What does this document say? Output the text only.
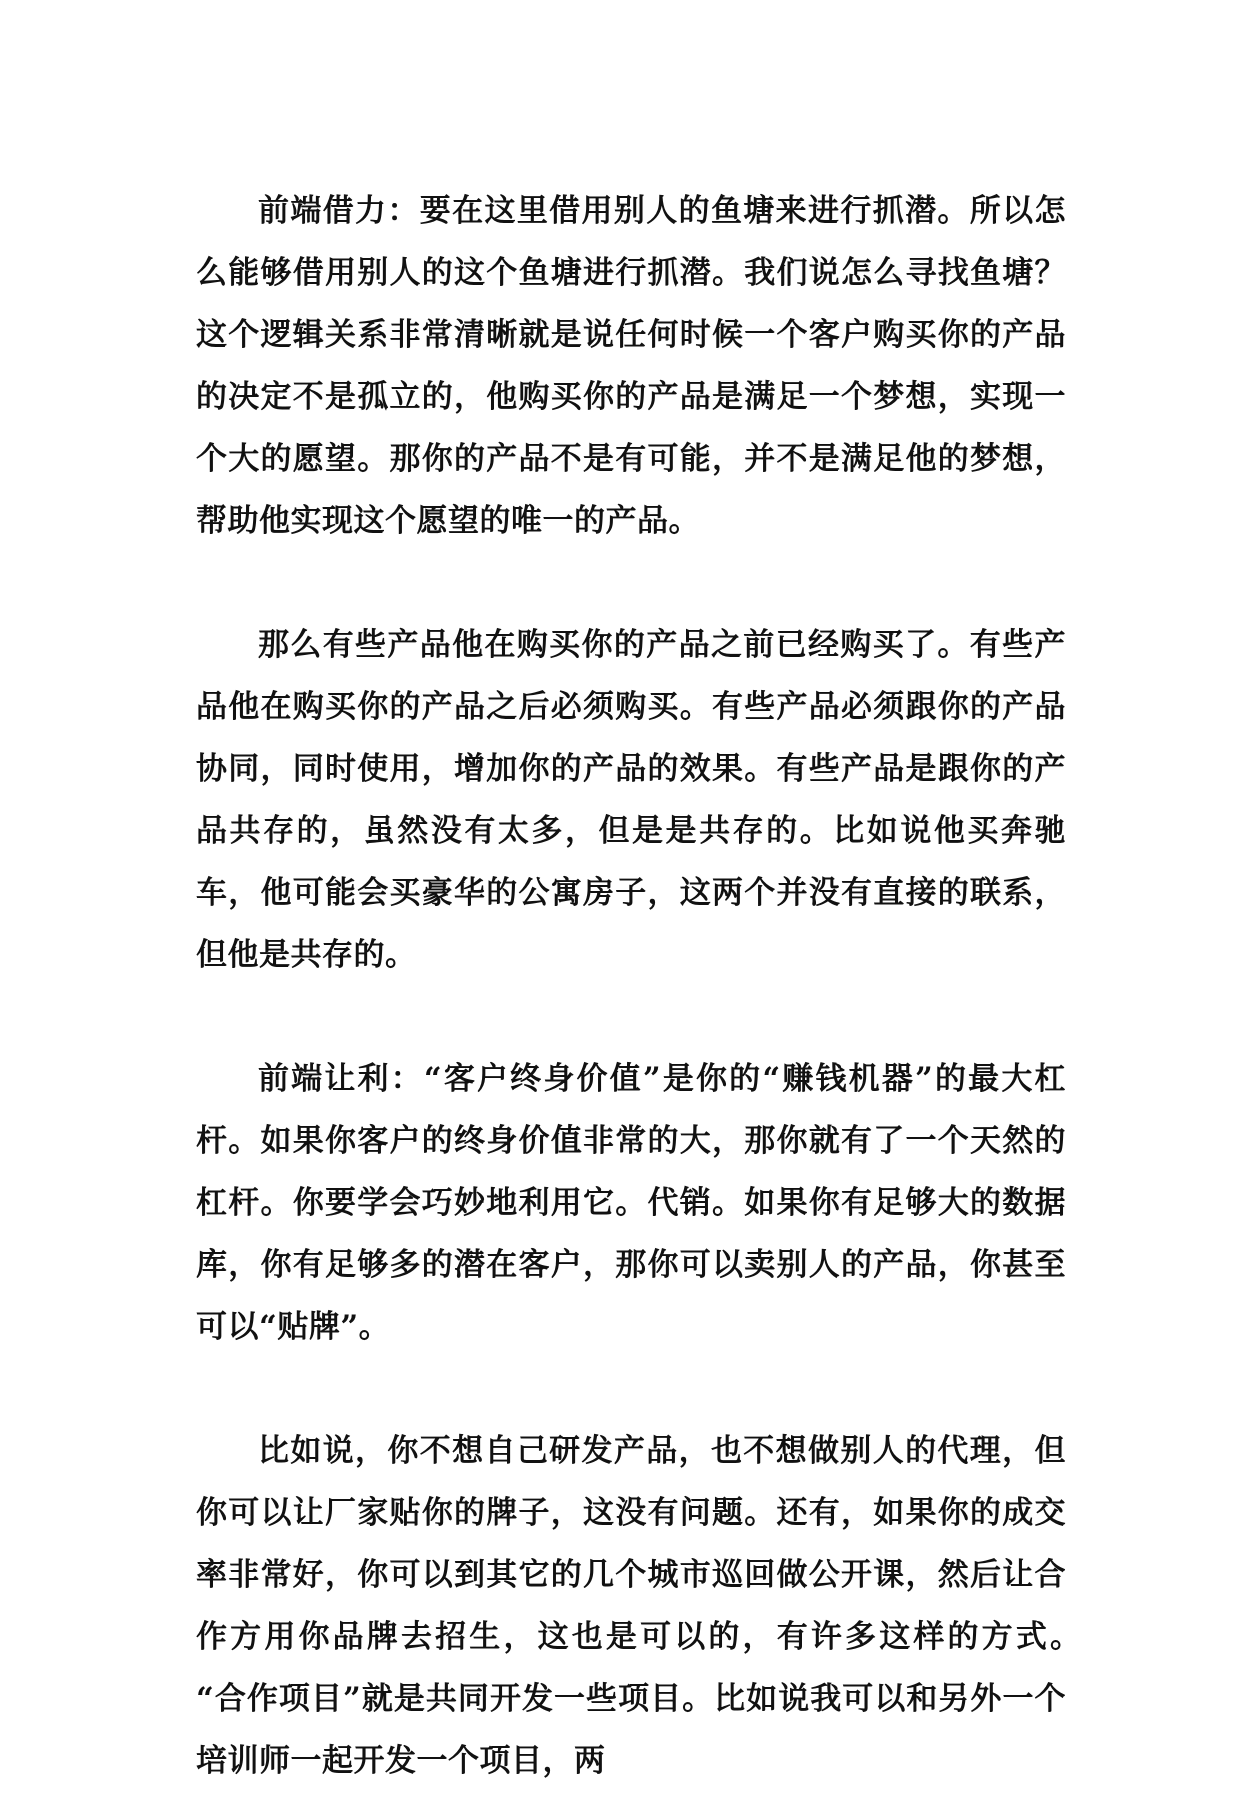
前端借力：要在这里借用别人的鱼塘来进行抓潜。所以怎么能够借用别人的这个鱼塘进行抓潜。我们说怎么寻找鱼塘？这个逻辑关系非常清晰就是说任何时候一个客户购买你的产品的决定不是孤立的，他购买你的产品是满足一个梦想，实现一个大的愿望。那你的产品不是有可能，并不是满足他的梦想，帮助他实现这个愿望的唯一的产品。

那么有些产品他在购买你的产品之前已经购买了。有些产品他在购买你的产品之后必须购买。有些产品必须跟你的产品协同，同时使用，增加你的产品的效果。有些产品是跟你的产品共存的，虽然没有太多，但是是共存的。比如说他买奔驰车，他可能会买豪华的公寓房子，这两个并没有直接的联系，但他是共存的。

前端让利：“客户终身价值”是你的“赚钱机器”的最大杠杆。如果你客户的终身价值非常的大，那你就有了一个天然的杠杆。你要学会巧妙地利用它。代销。如果你有足够大的数据库，你有足够多的潜在客户，那你可以卖别人的产品，你甚至可以“贴牌”。

比如说，你不想自己研发产品，也不想做别人的代理，但你可以让厂家贴你的牌子，这没有问题。还有，如果你的成交率非常好，你可以到其它的几个城市巡回做公开课，然后让合作方用你品牌去招生，这也是可以的，有许多这样的方式。　“合作项目”就是共同开发一些项目。比如说我可以和另外一个培训师一起开发一个项目，两
